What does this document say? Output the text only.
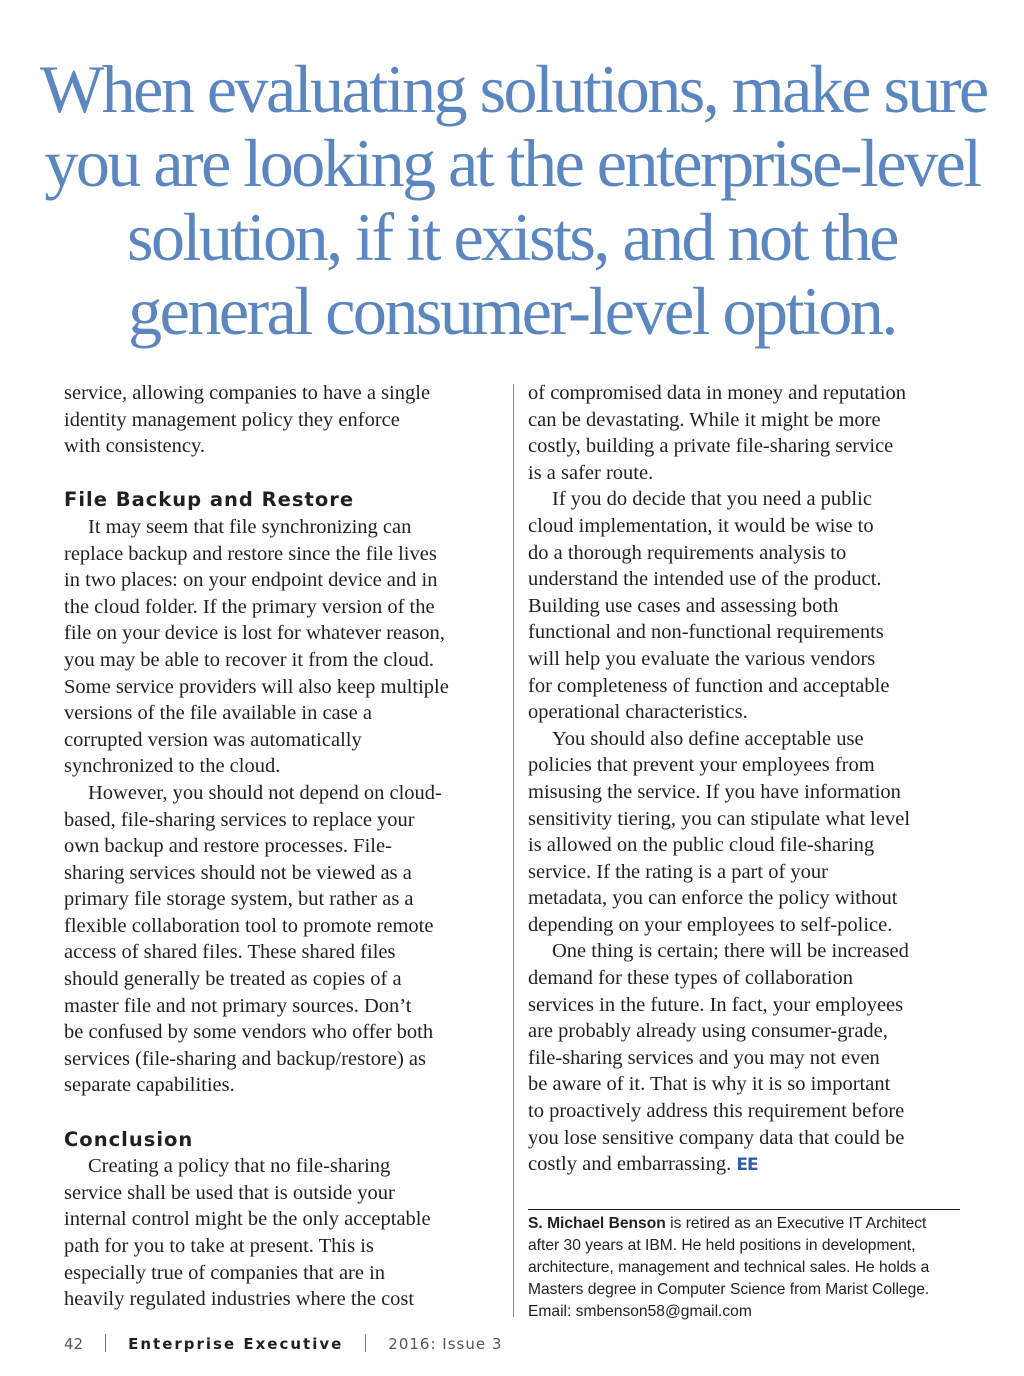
When evaluating solutions, make sure
you are looking at the enterprise-level
solution, if it exists, and not the
general consumer-level option.
service, allowing companies to have a single
identity management policy they enforce
with consistency.
File Backup and Restore
It may seem that file synchronizing can
replace backup and restore since the file lives
in two places: on your endpoint device and in
the cloud folder. If the primary version of the
file on your device is lost for whatever reason,
you may be able to recover it from the cloud.
Some service providers will also keep multiple
versions of the file available in case a
corrupted version was automatically
synchronized to the cloud.
However, you should not depend on cloud-
based, file-sharing services to replace your
own backup and restore processes. File-
sharing services should not be viewed as a
primary file storage system, but rather as a
flexible collaboration tool to promote remote
access of shared files. These shared files
should generally be treated as copies of a
master file and not primary sources. Don’t
be confused by some vendors who offer both
services (file-sharing and backup/restore) as
separate capabilities.
Conclusion
Creating a policy that no file-sharing
service shall be used that is outside your
internal control might be the only acceptable
path for you to take at present. This is
especially true of companies that are in
heavily regulated industries where the cost
of compromised data in money and reputation
can be devastating. While it might be more
costly, building a private file-sharing service
is a safer route.
If you do decide that you need a public
cloud implementation, it would be wise to
do a thorough requirements analysis to
understand the intended use of the product.
Building use cases and assessing both
functional and non-functional requirements
will help you evaluate the various vendors
for completeness of function and acceptable
operational characteristics.
You should also define acceptable use
policies that prevent your employees from
misusing the service. If you have information
sensitivity tiering, you can stipulate what level
is allowed on the public cloud file-sharing
service. If the rating is a part of your
metadata, you can enforce the policy without
depending on your employees to self-police.
One thing is certain; there will be increased
demand for these types of collaboration
services in the future. In fact, your employees
are probably already using consumer-grade,
file-sharing services and you may not even
be aware of it. That is why it is so important
to proactively address this requirement before
you lose sensitive company data that could be
costly and embarrassing. EE
S. Michael Benson is retired as an Executive IT Architect
after 30 years at IBM. He held positions in development,
architecture, management and technical sales. He holds a
Masters degree in Computer Science from Marist College.
Email: smbenson58@gmail.com
42	Enterprise Executive	2016: Issue 3
